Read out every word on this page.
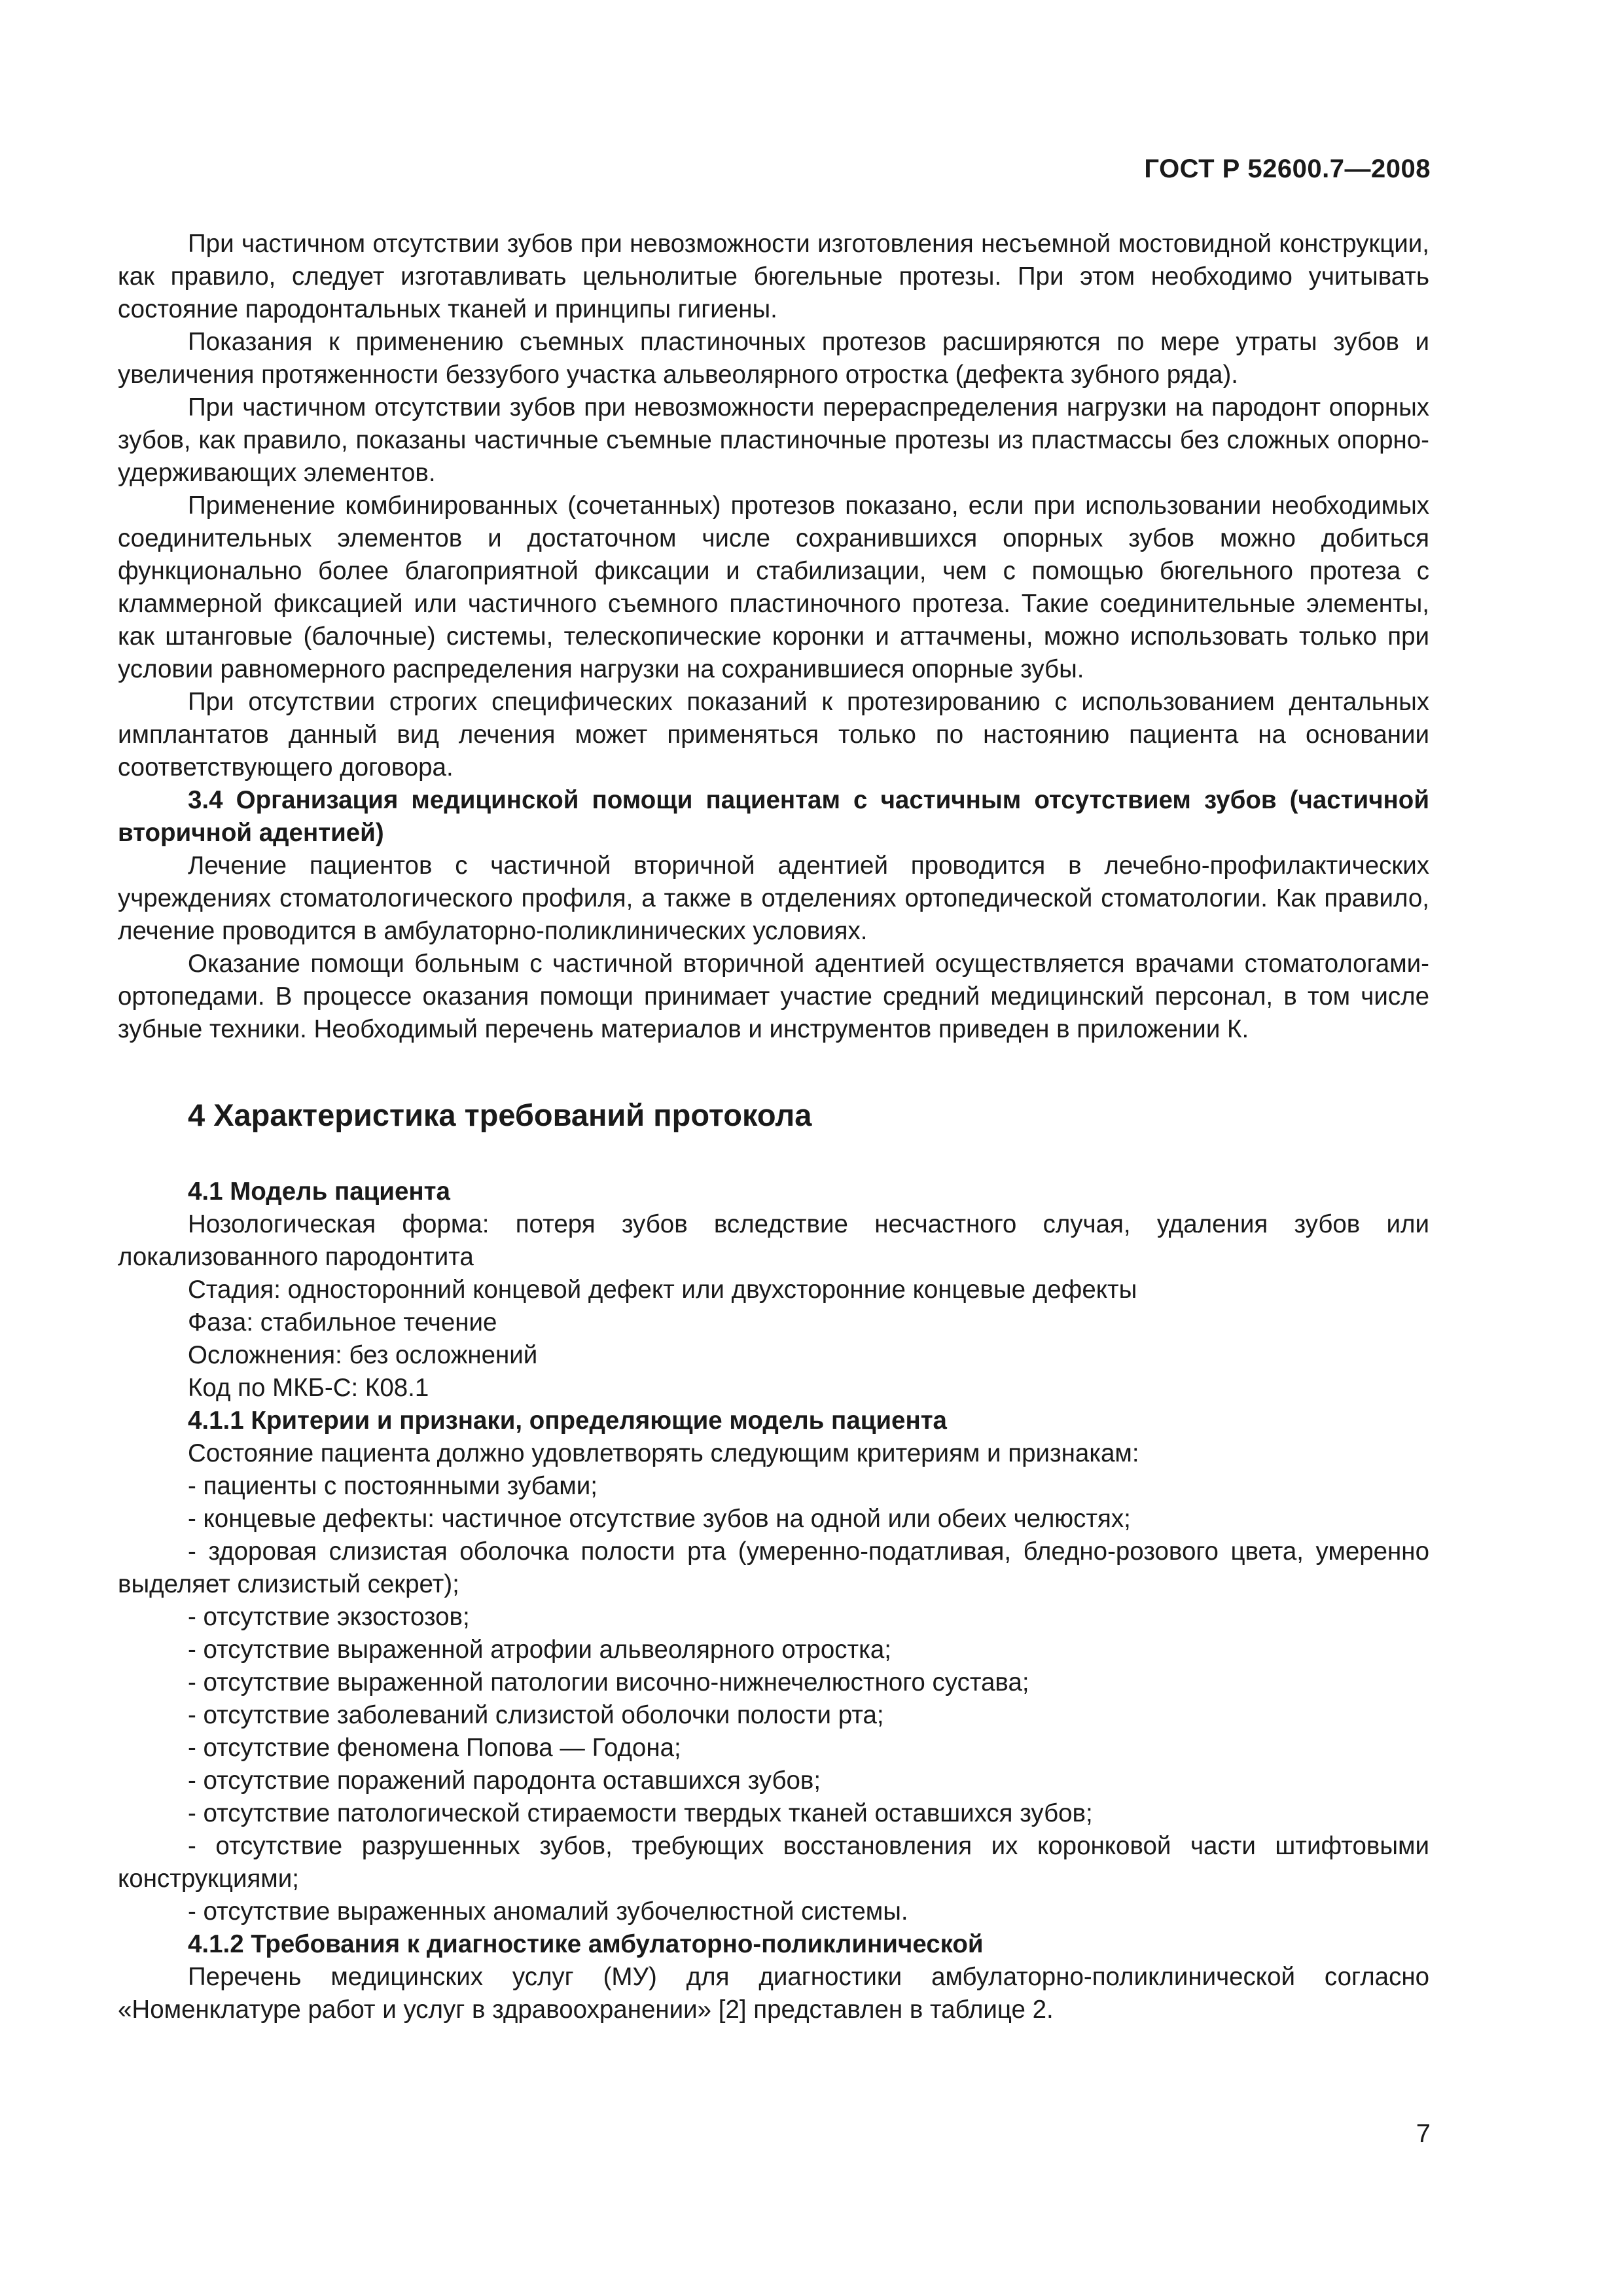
ГОСТ Р 52600.7—2008

При частичном отсутствии зубов при невозможности изготовления несъемной мостовидной конструкции, как правило, следует изготавливать цельнолитые бюгельные протезы. При этом необходимо учитывать состояние пародонтальных тканей и принципы гигиены.

Показания к применению съемных пластиночных протезов расширяются по мере утраты зубов и увеличения протяженности беззубого участка альвеолярного отростка (дефекта зубного ряда).

При частичном отсутствии зубов при невозможности перераспределения нагрузки на пародонт опорных зубов, как правило, показаны частичные съемные пластиночные протезы из пластмассы без сложных опорно-удерживающих элементов.

Применение комбинированных (сочетанных) протезов показано, если при использовании необходимых соединительных элементов и достаточном числе сохранившихся опорных зубов можно добиться функционально более благоприятной фиксации и стабилизации, чем с помощью бюгельного протеза с кламмерной фиксацией или частичного съемного пластиночного протеза. Такие соединительные элементы, как штанговые (балочные) системы, телескопические коронки и аттачмены, можно использовать только при условии равномерного распределения нагрузки на сохранившиеся опорные зубы.

При отсутствии строгих специфических показаний к протезированию с использованием дентальных имплантатов данный вид лечения может применяться только по настоянию пациента на основании соответствующего договора.

3.4 Организация медицинской помощи пациентам с частичным отсутствием зубов (частичной вторичной адентией)

Лечение пациентов с частичной вторичной адентией проводится в лечебно-профилактических учреждениях стоматологического профиля, а также в отделениях ортопедической стоматологии. Как правило, лечение проводится в амбулаторно-поликлинических условиях.

Оказание помощи больным с частичной вторичной адентией осуществляется врачами стоматологами-ортопедами. В процессе оказания помощи принимает участие средний медицинский персонал, в том числе зубные техники. Необходимый перечень материалов и инструментов приведен в приложении К.

4 Характеристика требований протокола

4.1 Модель пациента

Нозологическая форма: потеря зубов вследствие несчастного случая, удаления зубов или локализованного пародонтита

Стадия: односторонний концевой дефект или двухсторонние концевые дефекты

Фаза: стабильное течение

Осложнения: без осложнений

Код по МКБ-С: К08.1

4.1.1 Критерии и признаки, определяющие модель пациента

Состояние пациента должно удовлетворять следующим критериям и признакам:

- пациенты с постоянными зубами;

- концевые дефекты: частичное отсутствие зубов на одной или обеих челюстях;

- здоровая слизистая оболочка полости рта (умеренно-податливая, бледно-розового цвета, умеренно выделяет слизистый секрет);

- отсутствие экзостозов;

- отсутствие выраженной атрофии альвеолярного отростка;

- отсутствие выраженной патологии височно-нижнечелюстного сустава;

- отсутствие заболеваний слизистой оболочки полости рта;

- отсутствие феномена Попова — Годона;

- отсутствие поражений пародонта оставшихся зубов;

- отсутствие патологической стираемости твердых тканей оставшихся зубов;

- отсутствие разрушенных зубов, требующих восстановления их коронковой части штифтовыми конструкциями;

- отсутствие выраженных аномалий зубочелюстной системы.

4.1.2 Требования к диагностике амбулаторно-поликлинической

Перечень медицинских услуг (МУ) для диагностики амбулаторно-поликлинической согласно «Номенклатуре работ и услуг в здравоохранении» [2] представлен в таблице 2.

7
